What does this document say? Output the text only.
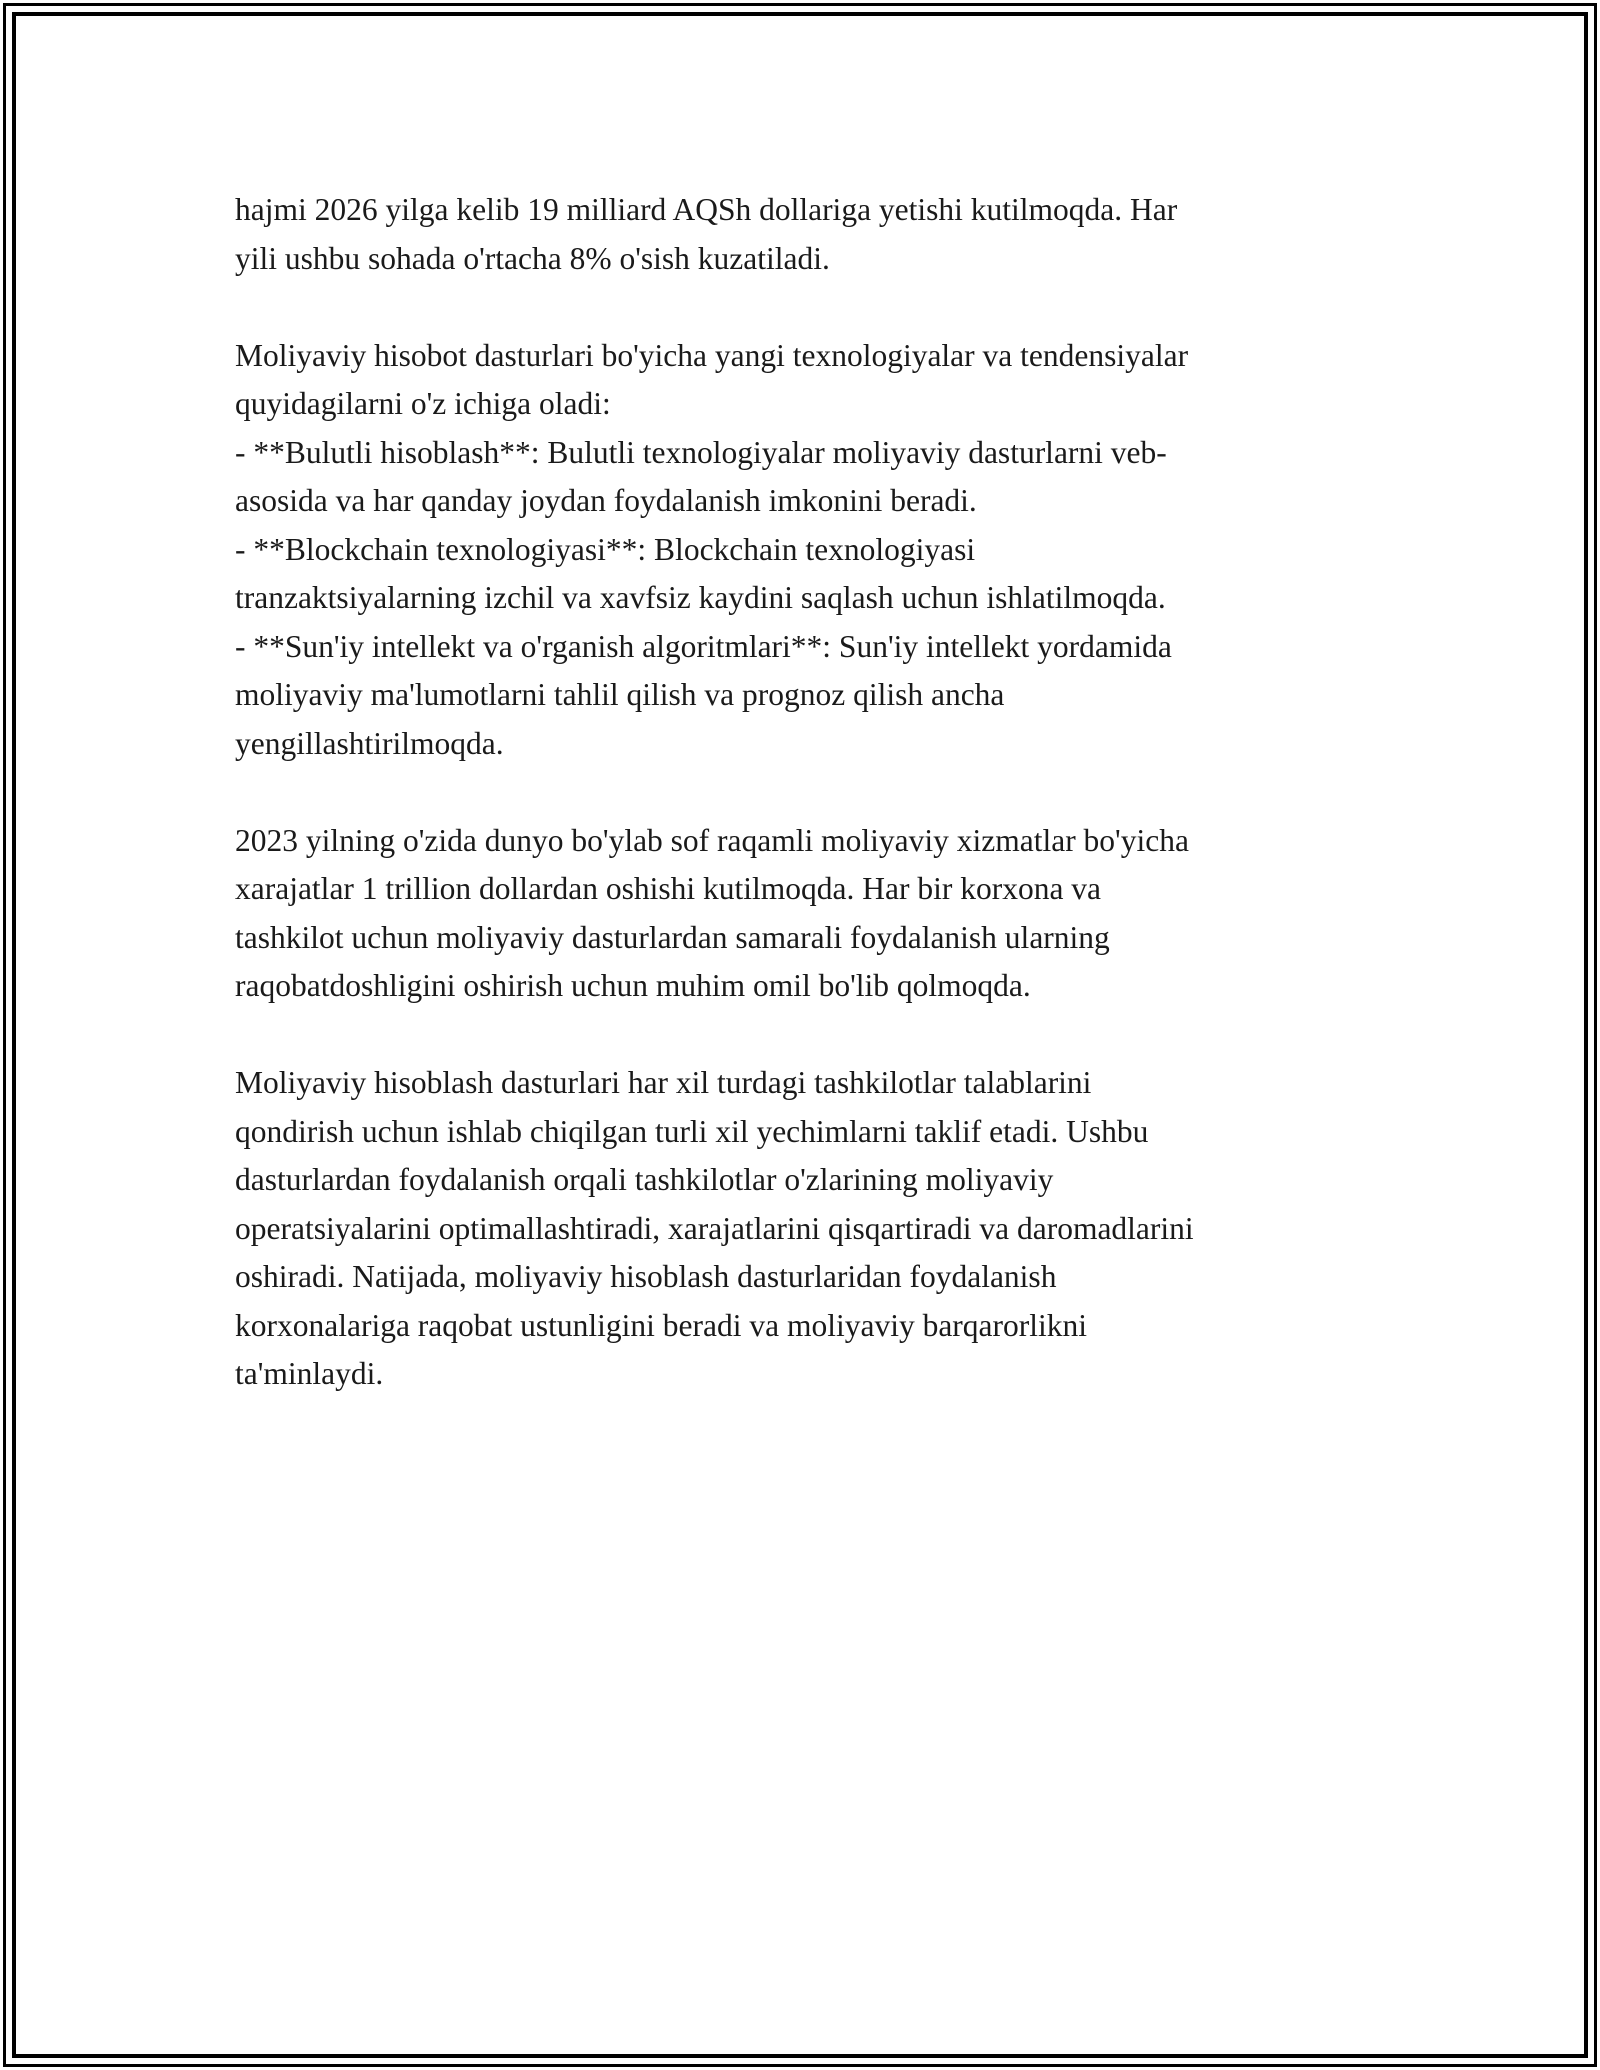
hajmi 2026 yilga kelib 19 milliard AQSh dollariga yetishi kutilmoqda. Har
yili ushbu sohada o'rtacha 8% o'sish kuzatiladi.
Moliyaviy hisobot dasturlari bo'yicha yangi texnologiyalar va tendensiyalar
quyidagilarni o'z ichiga oladi:
- **Bulutli hisoblash**: Bulutli texnologiyalar moliyaviy dasturlarni veb-
asosida va har qanday joydan foydalanish imkonini beradi.
- **Blockchain texnologiyasi**: Blockchain texnologiyasi
tranzaktsiyalarning izchil va xavfsiz kaydini saqlash uchun ishlatilmoqda.
- **Sun'iy intellekt va o'rganish algoritmlari**: Sun'iy intellekt yordamida
moliyaviy ma'lumotlarni tahlil qilish va prognoz qilish ancha
yengillashtirilmoqda.
2023 yilning o'zida dunyo bo'ylab sof raqamli moliyaviy xizmatlar bo'yicha
xarajatlar 1 trillion dollardan oshishi kutilmoqda. Har bir korxona va
tashkilot uchun moliyaviy dasturlardan samarali foydalanish ularning
raqobatdoshligini oshirish uchun muhim omil bo'lib qolmoqda.
Moliyaviy hisoblash dasturlari har xil turdagi tashkilotlar talablarini
qondirish uchun ishlab chiqilgan turli xil yechimlarni taklif etadi. Ushbu
dasturlardan foydalanish orqali tashkilotlar o'zlarining moliyaviy
operatsiyalarini optimallashtiradi, xarajatlarini qisqartiradi va daromadlarini
oshiradi. Natijada, moliyaviy hisoblash dasturlaridan foydalanish
korxonalariga raqobat ustunligini beradi va moliyaviy barqarorlikni
ta'minlaydi.
